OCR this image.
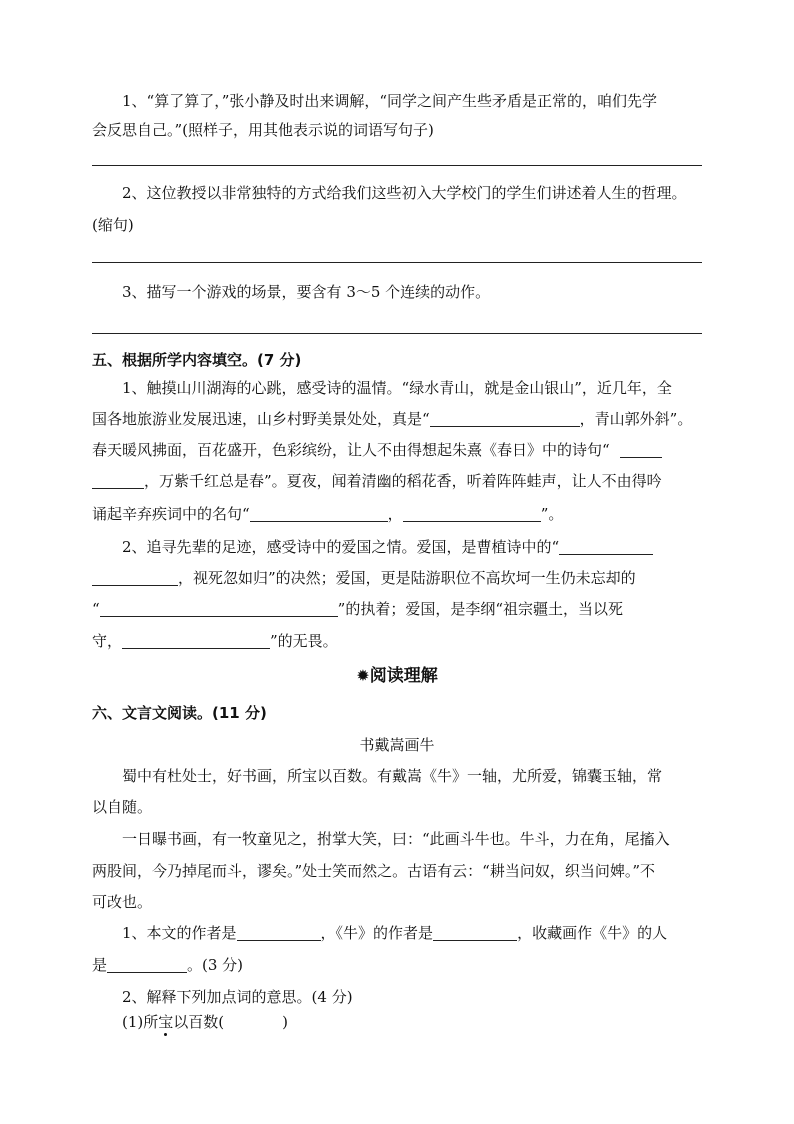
1、“算了算了，”张小静及时出来调解，“同学之间产生些矛盾是正常的，咱们先学
会反思自己。”(照样子，用其他表示说的词语写句子)
2、这位教授以非常独特的方式给我们这些初入大学校门的学生们讲述着人生的哲理。
(缩句)
3、描写一个游戏的场景，要含有 3～5 个连续的动作。
五、根据所学内容填空。(7 分)
1、触摸山川湖海的心跳，感受诗的温情。“绿水青山，就是金山银山”，近几年，全
国各地旅游业发展迅速，山乡村野美景处处，真是“	，青山郭外斜”。
春天暖风拂面，百花盛开，色彩缤纷，让人不由得想起朱熹《春日》中的诗句“
，万紫千红总是春”。夏夜，闻着清幽的稻花香，听着阵阵蛙声，让人不由得吟
诵起辛弃疾词中的名句“	，	”。
2、追寻先辈的足迹，感受诗中的爱国之情。爱国，是曹植诗中的“
，视死忽如归”的决然；爱国，更是陆游职位不高坎坷一生仍未忘却的
“	”的执着；爱国，是李纲“祖宗疆土，当以死
守，	”的无畏。
✹阅读理解
六、文言文阅读。(11 分)
书戴嵩画牛
蜀中有杜处士，好书画，所宝以百数。有戴嵩《牛》一轴，尤所爱，锦囊玉轴，常
以自随。
一日曝书画，有一牧童见之，拊掌大笑，曰：“此画斗牛也。牛斗，力在角，尾搐入
两股间，今乃掉尾而斗，谬矣。”处士笑而然之。古语有云：“耕当问奴，织当问婢。”不
可改也。
1、本文的作者是	，《牛》的作者是	，收藏画作《牛》的人
是	。(3 分)
2、解释下列加点词的意思。(4 分)
(1)所宝以百数(	)
